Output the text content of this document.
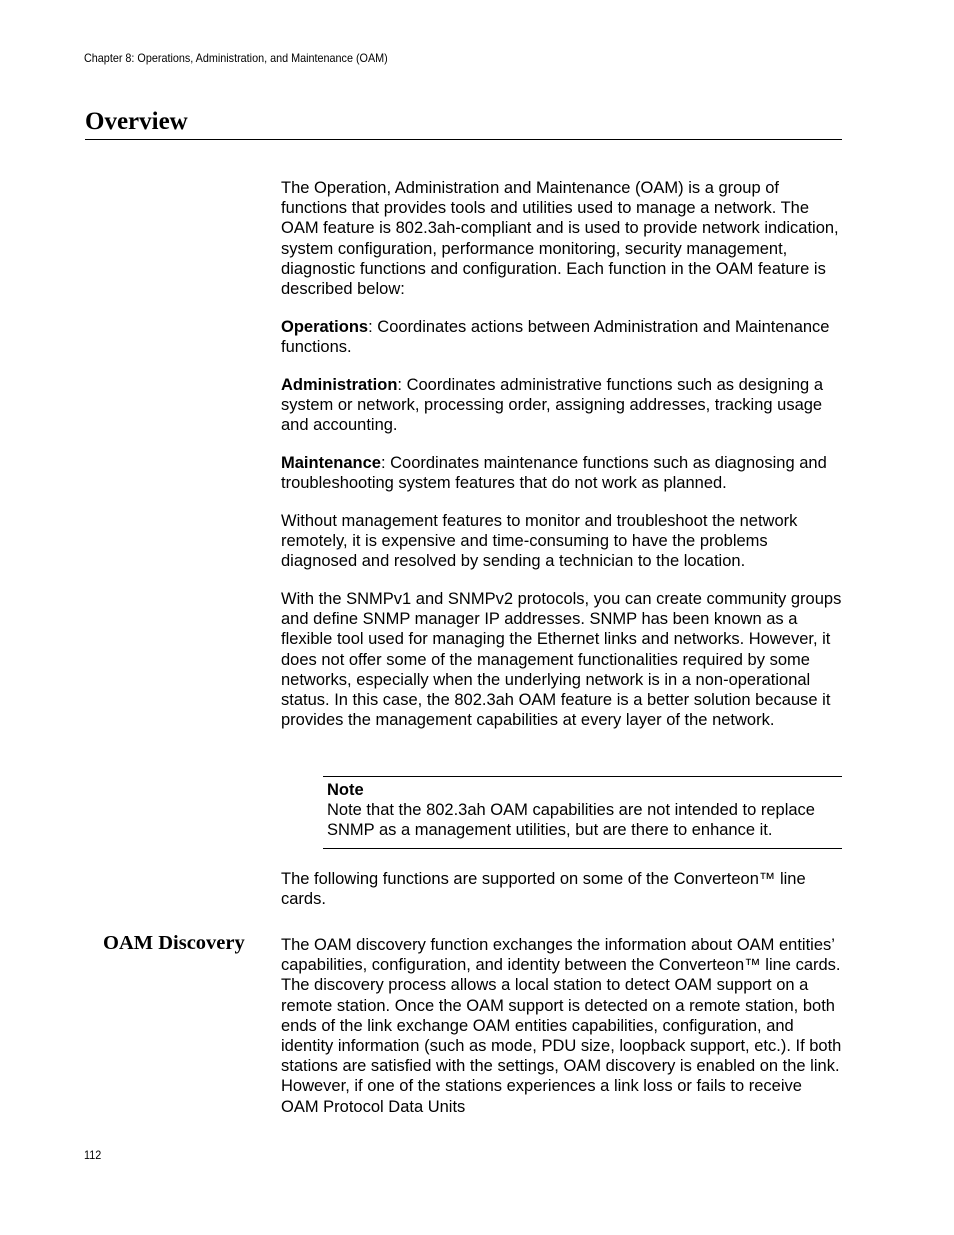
Chapter 8: Operations, Administration, and Maintenance (OAM)
Overview

The Operation, Administration and Maintenance (OAM) is a group of functions that provides tools and utilities used to manage a network. The OAM feature is 802.3ah-compliant and is used to provide network indication, system configuration, performance monitoring, security management, diagnostic functions and configuration. Each function in the OAM feature is described below:

Operations: Coordinates actions between Administration and Maintenance functions.

Administration: Coordinates administrative functions such as designing a system or network, processing order, assigning addresses, tracking usage and accounting.

Maintenance: Coordinates maintenance functions such as diagnosing and troubleshooting system features that do not work as planned.

Without management features to monitor and troubleshoot the network remotely, it is expensive and time-consuming to have the problems diagnosed and resolved by sending a technician to the location.

With the SNMPv1 and SNMPv2 protocols, you can create community groups and define SNMP manager IP addresses. SNMP has been known as a flexible tool used for managing the Ethernet links and networks. However, it does not offer some of the management functionalities required by some networks, especially when the underlying network is in a non-operational status. In this case, the 802.3ah OAM feature is a better solution because it provides the management capabilities at every layer of the network.

Note

Note that the 802.3ah OAM capabilities are not intended to replace SNMP as a management utilities, but are there to enhance it.

The following functions are supported on some of the Converteon™ line cards.

OAM Discovery The OAM discovery function exchanges the information about OAM entities’ capabilities, configuration, and identity between the Converteon™ line cards. The discovery process allows a local station to detect OAM support on a remote station. Once the OAM support is detected on a remote station, both ends of the link exchange OAM entities capabilities, configuration, and identity information (such as mode, PDU size, loopback support, etc.). If both stations are satisfied with the settings, OAM discovery is enabled on the link. However, if one of the stations experiences a link loss or fails to receive OAM Protocol Data Units

112
